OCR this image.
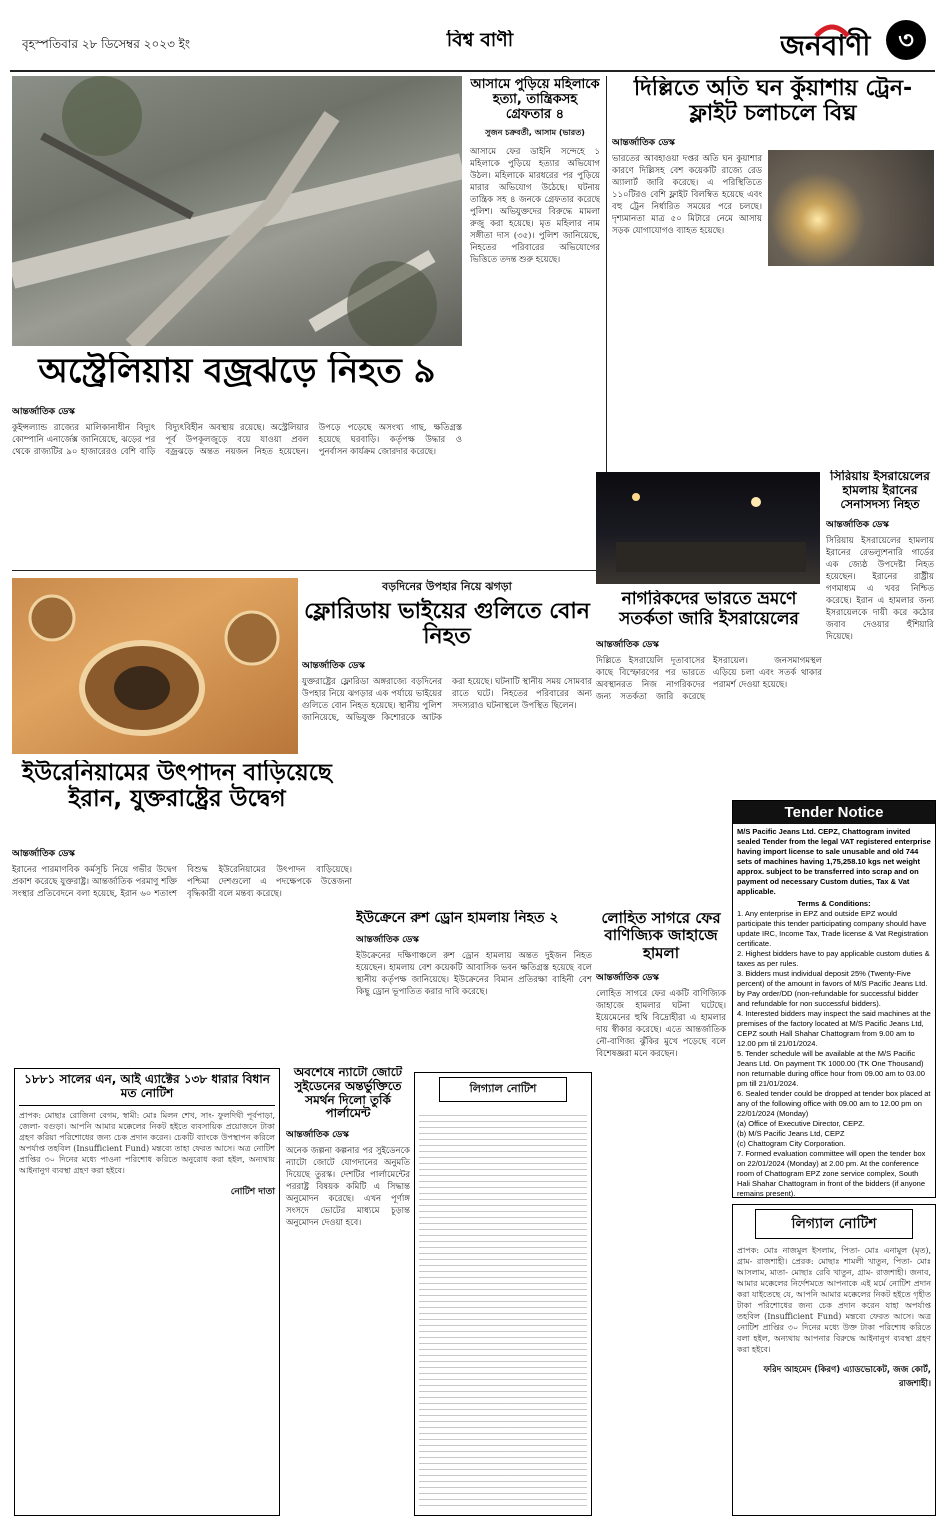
বৃহস্পতিবার ২৮ ডিসেম্বর ২০২৩ ইং	বিশ্ব বাণী	জনবাণী	৩
আসামে পুড়িয়ে মহিলাকে হত্যা, তান্ত্রিকসহ গ্রেফতার ৪
সুজন চক্রবর্তী, আসাম (ভারত)
আসামে ফের ডাইনি সন্দেহে ১ মহিলাকে পুড়িয়ে হত্যার অভিযোগ উঠল। মহিলাকে মারধরের পর পুড়িয়ে মারার অভিযোগ উঠেছে। ঘটনায় তান্ত্রিক সহ ৪ জনকে গ্রেফতার করেছে পুলিশ। অভিযুক্তদের বিরুদ্ধে মামলা রুজু করা হয়েছে। মৃত মহিলার নাম সঙ্গীতা দাস (৩৫)। পুলিশ জানিয়েছে, নিহতের পরিবারের অভিযোগের ভিত্তিতে তদন্ত শুরু হয়েছে।
দিল্লিতে অতি ঘন কুঁয়াশায় ট্রেন-ফ্লাইট চলাচলে বিঘ্ন
আন্তর্জাতিক ডেস্ক
ভারতের আবহাওয়া দপ্তর অতি ঘন কুয়াশার কারণে দিল্লিসহ বেশ কয়েকটি রাজ্যে রেড অ্যালার্ট জারি করেছে। এ পরিস্থিতিতে ১১০টিরও বেশি ফ্লাইট বিলম্বিত হয়েছে এবং বহু ট্রেন নির্ধারিত সময়ের পরে চলছে। দৃশ্যমানতা মাত্র ৫০ মিটারে নেমে আসায় সড়ক যোগাযোগও ব্যাহত হয়েছে।
অস্ট্রেলিয়ায় বজ্রঝড়ে নিহত ৯
আন্তর্জাতিক ডেস্ক
কুইন্সল্যান্ড রাজ্যের মালিকানাধীন বিদ্যুৎ কোম্পানি এনার্জেক্স জানিয়েছে, ঝড়ের পর থেকে রাজ্যটির ৯০ হাজারেরও বেশি বাড়ি বিদ্যুৎবিহীন অবস্থায় রয়েছে। অস্ট্রেলিয়ার পূর্ব উপকূলজুড়ে বয়ে যাওয়া প্রবল বজ্রঝড়ে অন্তত নয়জন নিহত হয়েছেন। উপড়ে পড়েছে অসংখ্য গাছ, ক্ষতিগ্রস্ত হয়েছে ঘরবাড়ি। কর্তৃপক্ষ উদ্ধার ও পুনর্বাসন কার্যক্রম জোরদার করেছে।
সিরিয়ায় ইসরায়েলের হামলায় ইরানের সেনাসদস্য নিহত
আন্তর্জাতিক ডেস্ক
সিরিয়ায় ইসরায়েলের হামলায় ইরানের রেভল্যুশনারি গার্ডের এক জ্যেষ্ঠ উপদেষ্টা নিহত হয়েছেন। ইরানের রাষ্ট্রীয় গণমাধ্যম এ খবর নিশ্চিত করেছে। ইরান এ হামলার জন্য ইসরায়েলকে দায়ী করে কঠোর জবাব দেওয়ার হুঁশিয়ারি দিয়েছে।
বড়দিনের উপহার নিয়ে ঝগড়া
ফ্লোরিডায় ভাইয়ের গুলিতে বোন নিহত
আন্তর্জাতিক ডেস্ক
যুক্তরাষ্ট্রের ফ্লোরিডা অঙ্গরাজ্যে বড়দিনের উপহার নিয়ে ঝগড়ার এক পর্যায়ে ভাইয়ের গুলিতে বোন নিহত হয়েছে। স্থানীয় পুলিশ জানিয়েছে, অভিযুক্ত কিশোরকে আটক করা হয়েছে। ঘটনাটি স্থানীয় সময় সোমবার রাতে ঘটে। নিহতের পরিবারের অন্য সদস্যরাও ঘটনাস্থলে উপস্থিত ছিলেন।
নাগরিকদের ভারতে ভ্রমণে সতর্কতা জারি ইসরায়েলের
আন্তর্জাতিক ডেস্ক
দিল্লিতে ইসরায়েলি দূতাবাসের কাছে বিস্ফোরণের পর ভারতে অবস্থানরত নিজ নাগরিকদের জন্য সতর্কতা জারি করেছে ইসরায়েল। জনসমাগমস্থল এড়িয়ে চলা এবং সতর্ক থাকার পরামর্শ দেওয়া হয়েছে।
ইউরেনিয়ামের উৎপাদন বাড়িয়েছে ইরান, যুক্তরাষ্ট্রের উদ্বেগ
আন্তর্জাতিক ডেস্ক
ইরানের পারমাণবিক কর্মসূচি নিয়ে গভীর উদ্বেগ প্রকাশ করেছে যুক্তরাষ্ট্র। আন্তর্জাতিক পরমাণু শক্তি সংস্থার প্রতিবেদনে বলা হয়েছে, ইরান ৬০ শতাংশ বিশুদ্ধ ইউরেনিয়ামের উৎপাদন বাড়িয়েছে। পশ্চিমা দেশগুলো এ পদক্ষেপকে উত্তেজনা বৃদ্ধিকারী বলে মন্তব্য করেছে।
ইউক্রেনে রুশ ড্রোন হামলায় নিহত ২
আন্তর্জাতিক ডেস্ক
ইউক্রেনের দক্ষিণাঞ্চলে রুশ ড্রোন হামলায় অন্তত দুইজন নিহত হয়েছেন। হামলায় বেশ কয়েকটি আবাসিক ভবন ক্ষতিগ্রস্ত হয়েছে বলে স্থানীয় কর্তৃপক্ষ জানিয়েছে। ইউক্রেনের বিমান প্রতিরক্ষা বাহিনী বেশ কিছু ড্রোন ভূপাতিত করার দাবি করেছে।
লোহিত সাগরে ফের বাণিজ্যিক জাহাজে হামলা
আন্তর্জাতিক ডেস্ক
লোহিত সাগরে ফের একটি বাণিজ্যিক জাহাজে হামলার ঘটনা ঘটেছে। ইয়েমেনের হুথি বিদ্রোহীরা এ হামলার দায় স্বীকার করেছে। এতে আন্তর্জাতিক নৌ-বাণিজ্য ঝুঁকির মুখে পড়েছে বলে বিশেষজ্ঞরা মনে করছেন।
Tender Notice

M/S Pacific Jeans Ltd. CEPZ, Chattogram invited sealed Tender from the legal VAT registered enterprise having import license to sale unusable and old 744 sets of machines having 1,75,258.10 kgs net weight approx. subject to be transferred into scrap and on payment od necessary Custom duties, Tax & Vat applicable.

Terms & Conditions:

1. Any enterprise in EPZ and outside EPZ would participate this tender participating company should have update IRC, Income Tax, Trade license & Vat Registration certificate.

2. Highest bidders have to pay applicable custom duties & taxes as per rules.

3. Bidders must individual deposit 25% (Twenty-Five percent) of the amount in favors of M/S Pacific Jeans Ltd. by Pay order/DD (non-refundable for successful bidder and refundable for non successful bidders).

4. Interested bidders may inspect the said machines at the premises of the factory located at M/S Pacific Jeans Ltd, CEPZ south Hall Shahar Chattogram from 9.00 am to 12.00 pm til 21/01/2024.

5. Tender schedule will be available at the M/S Pacific Jeans Ltd. On payment TK 1000.00 (TK One Thousand) non returnable during office hour from 09.00 am to 03.00 pm till 21/01/2024.

6. Sealed tender could be dropped at tender box placed at any of the following office with 09.00 am to 12.00 pm on 22/01/2024 (Monday)

(a) Office of Executive Director, CEPZ.

(b) M/S Pacific Jeans Ltd, CEPZ

(c) Chattogram City Corporation.

7. Formed evaluation committee will open the tender box on 22/01/2024 (Monday) at 2.00 pm. At the conference room of Chattogram EPZ zone service complex, South Hali Shahar Chattogram in front of the bidders (if anyone remains present).

১৮৮১ সালের এন, আই এ্যাক্টের ১৩৮ ধারার বিধান মত নোটিশ
প্রাপক: মোছাঃ রোজিনা বেগম, স্বামী: মোঃ মিলন শেখ, সাং- ফুলদিঘী পূর্বপাড়া, জেলা- বগুড়া। আপনি আমার মক্কেলের নিকট হইতে ব্যবসায়িক প্রয়োজনে টাকা গ্রহণ করিয়া পরিশোধের জন্য চেক প্রদান করেন। চেকটি ব্যাংকে উপস্থাপন করিলে অপর্যাপ্ত তহবিল (Insufficient Fund) মন্তব্যে তাহা ফেরত আসে। অত্র নোটিশ প্রাপ্তির ৩০ দিনের মধ্যে পাওনা পরিশোধ করিতে অনুরোধ করা হইল, অন্যথায় আইনানুগ ব্যবস্থা গ্রহণ করা হইবে।
নোটিশ দাতা
অবশেষে ন্যাটো জোটে সুইডেনের অন্তর্ভুক্তিতে সমর্থন দিলো তুর্কি পার্লামেন্ট
আন্তর্জাতিক ডেস্ক
অনেক জল্পনা কল্পনার পর সুইডেনকে ন্যাটো জোটে যোগদানের অনুমতি দিয়েছে তুরস্ক। দেশটির পার্লামেন্টের পররাষ্ট্র বিষয়ক কমিটি এ সিদ্ধান্ত অনুমোদন করেছে। এখন পূর্ণাঙ্গ সংসদে ভোটের মাধ্যমে চূড়ান্ত অনুমোদন দেওয়া হবে।
লিগ্যাল নোটিশ
লিগ্যাল নোটিশ
প্রাপক: মোঃ নাজমুল ইসলাম, পিতা- মোঃ এনামুল (মৃত), গ্রাম- রাজশাহী। প্রেরক: মোছাঃ শামলী খাতুন, পিতা- মোঃ আসলাম, মাতা- মোছাঃ রেবি খাতুন, গ্রাম- রাজশাহী। জনাব, আমার মক্কেলের নির্দেশমতে আপনাকে এই মর্মে নোটিশ প্রদান করা যাইতেছে যে, আপনি আমার মক্কেলের নিকট হইতে গৃহীত টাকা পরিশোধের জন্য চেক প্রদান করেন যাহা অপর্যাপ্ত তহবিল (Insufficient Fund) মন্তব্যে ফেরত আসে। অত্র নোটিশ প্রাপ্তির ৩০ দিনের মধ্যে উক্ত টাকা পরিশোধ করিতে বলা হইল, অন্যথায় আপনার বিরুদ্ধে আইনানুগ ব্যবস্থা গ্রহণ করা হইবে।
ফরিদ আহমেদ (কিরণ) এ্যাডভোকেট, জজ কোর্ট, রাজশাহী।
